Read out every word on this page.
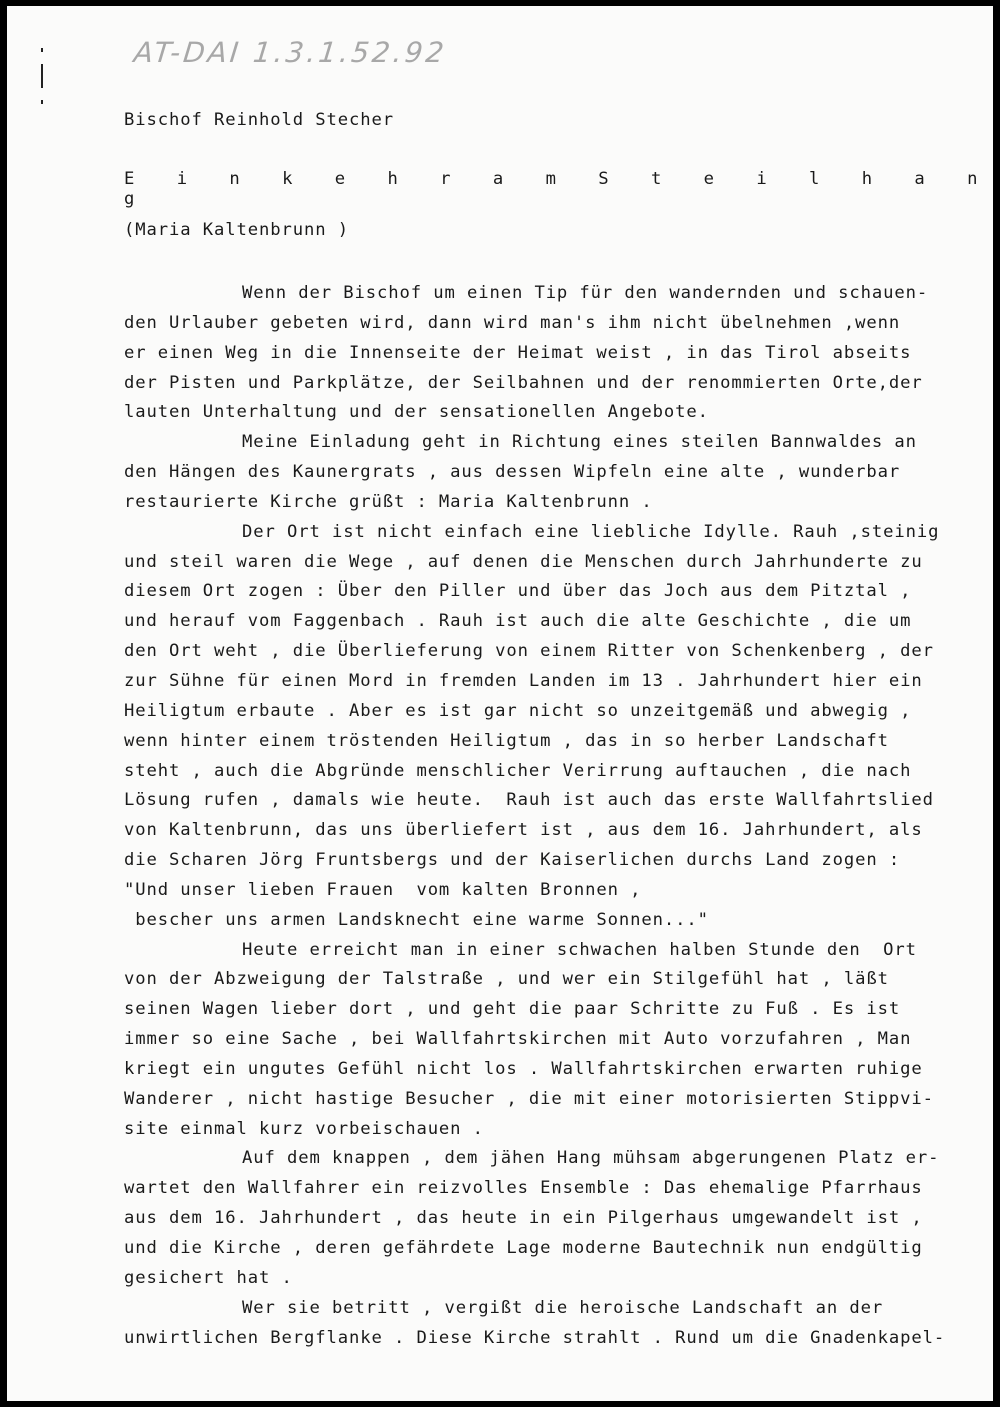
AT-DAI 1.3.1.52.92
Bischof Reinhold Stecher
E i n k e h r a m S t e i l h a n g
(Maria Kaltenbrunn )
Wenn der Bischof um einen Tip für den wandernden und schauen-
den Urlauber gebeten wird, dann wird man's ihm nicht übelnehmen ,wenn
er einen Weg in die Innenseite der Heimat weist , in das Tirol abseits
der Pisten und Parkplätze, der Seilbahnen und der renommierten Orte,der
lauten Unterhaltung und der sensationellen Angebote.
Meine Einladung geht in Richtung eines steilen Bannwaldes an
den Hängen des Kaunergrats , aus dessen Wipfeln eine alte , wunderbar
restaurierte Kirche grüßt : Maria Kaltenbrunn .
Der Ort ist nicht einfach eine liebliche Idylle. Rauh ,steinig
und steil waren die Wege , auf denen die Menschen durch Jahrhunderte zu
diesem Ort zogen : Über den Piller und über das Joch aus dem Pitztal ,
und herauf vom Faggenbach . Rauh ist auch die alte Geschichte , die um
den Ort weht , die Überlieferung von einem Ritter von Schenkenberg , der
zur Sühne für einen Mord in fremden Landen im 13 . Jahrhundert hier ein
Heiligtum erbaute . Aber es ist gar nicht so unzeitgemäß und abwegig ,
wenn hinter einem tröstenden Heiligtum , das in so herber Landschaft
steht , auch die Abgründe menschlicher Verirrung auftauchen , die nach
Lösung rufen , damals wie heute.  Rauh ist auch das erste Wallfahrtslied
von Kaltenbrunn, das uns überliefert ist , aus dem 16. Jahrhundert, als
die Scharen Jörg Fruntsbergs und der Kaiserlichen durchs Land zogen :
"Und unser lieben Frauen  vom kalten Bronnen ,
bescher uns armen Landsknecht eine warme Sonnen..."
Heute erreicht man in einer schwachen halben Stunde den  Ort
von der Abzweigung der Talstraße , und wer ein Stilgefühl hat , läßt
seinen Wagen lieber dort , und geht die paar Schritte zu Fuß . Es ist
immer so eine Sache , bei Wallfahrtskirchen mit Auto vorzufahren , Man
kriegt ein ungutes Gefühl nicht los . Wallfahrtskirchen erwarten ruhige
Wanderer , nicht hastige Besucher , die mit einer motorisierten Stippvi-
site einmal kurz vorbeischauen .
Auf dem knappen , dem jähen Hang mühsam abgerungenen Platz er-
wartet den Wallfahrer ein reizvolles Ensemble : Das ehemalige Pfarrhaus
aus dem 16. Jahrhundert , das heute in ein Pilgerhaus umgewandelt ist ,
und die Kirche , deren gefährdete Lage moderne Bautechnik nun endgültig
gesichert hat .
Wer sie betritt , vergißt die heroische Landschaft an der
unwirtlichen Bergflanke . Diese Kirche strahlt . Rund um die Gnadenkapel-
